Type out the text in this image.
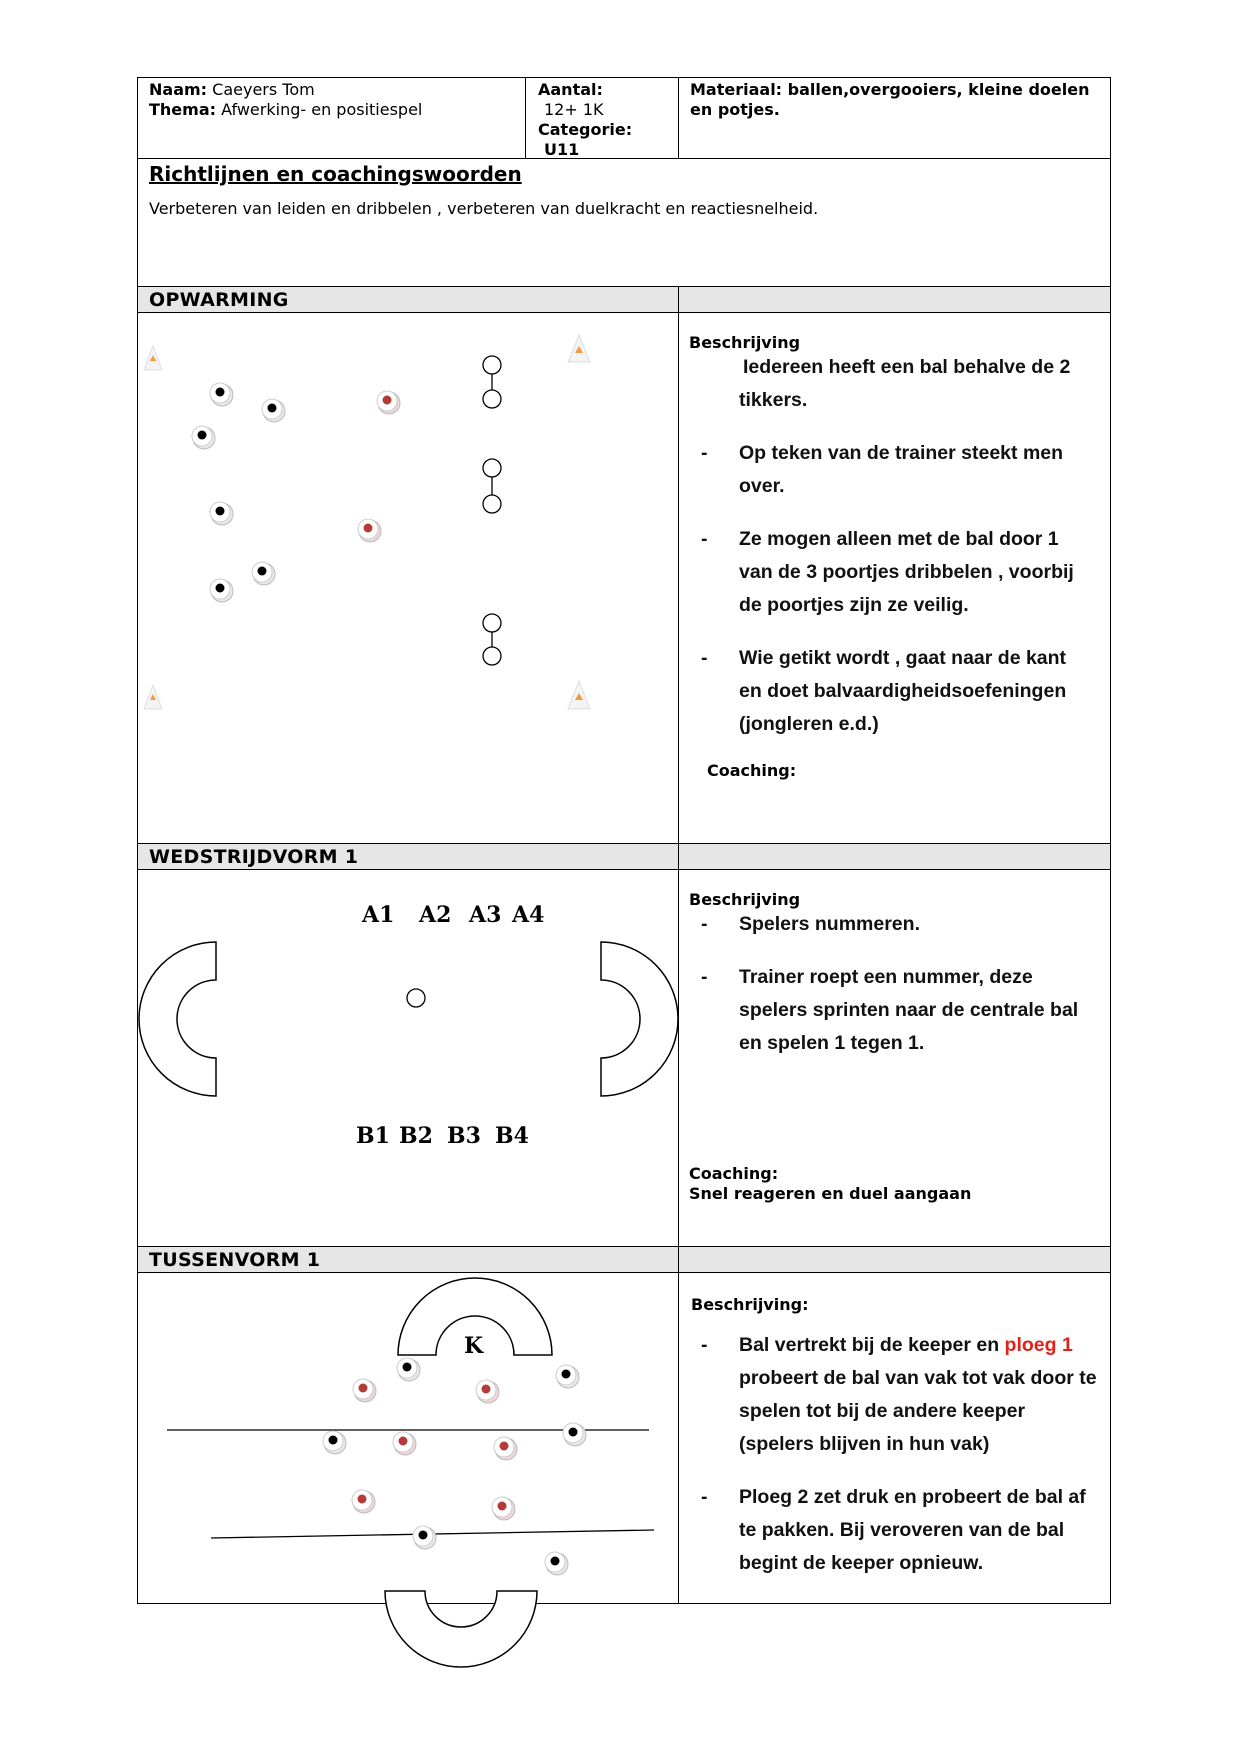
Naam: Caeyers Tom
Thema: Afwerking- en positiespel
Aantal:
12+ 1K
Categorie:
U11
Materiaal: ballen,overgooiers, kleine doelen en potjes.
Richtlijnen en coachingswoorden
Verbeteren van leiden en dribbelen , verbeteren van duelkracht en reactiesnelheid.
OPWARMING
Beschrijving
Iedereen heeft een bal behalve de 2
tikkers.

- Op teken van de trainer steekt men over.

- Ze mogen alleen met de bal door 1 van de 3 poortjes dribbelen , voorbij de poortjes zijn ze veilig.

- Wie getikt wordt , gaat naar de kant en doet balvaardigheidsoefeningen (jongleren e.d.)

Coaching:
WEDSTRIJDVORM 1
A1 A2 A3 A4
B1 B2 B3 B4
Beschrijving

- Spelers nummeren.

- Trainer roept een nummer, deze spelers sprinten naar de centrale bal en spelen 1 tegen 1.

Coaching:
Snel reageren en duel aangaan
TUSSENVORM 1
K
Beschrijving:

- Bal vertrekt bij de keeper en ploeg 1 probeert de bal van vak tot vak door te spelen tot bij de andere keeper (spelers blijven in hun vak)

- Ploeg 2 zet druk en probeert de bal af te pakken. Bij veroveren van de bal begint de keeper opnieuw.
